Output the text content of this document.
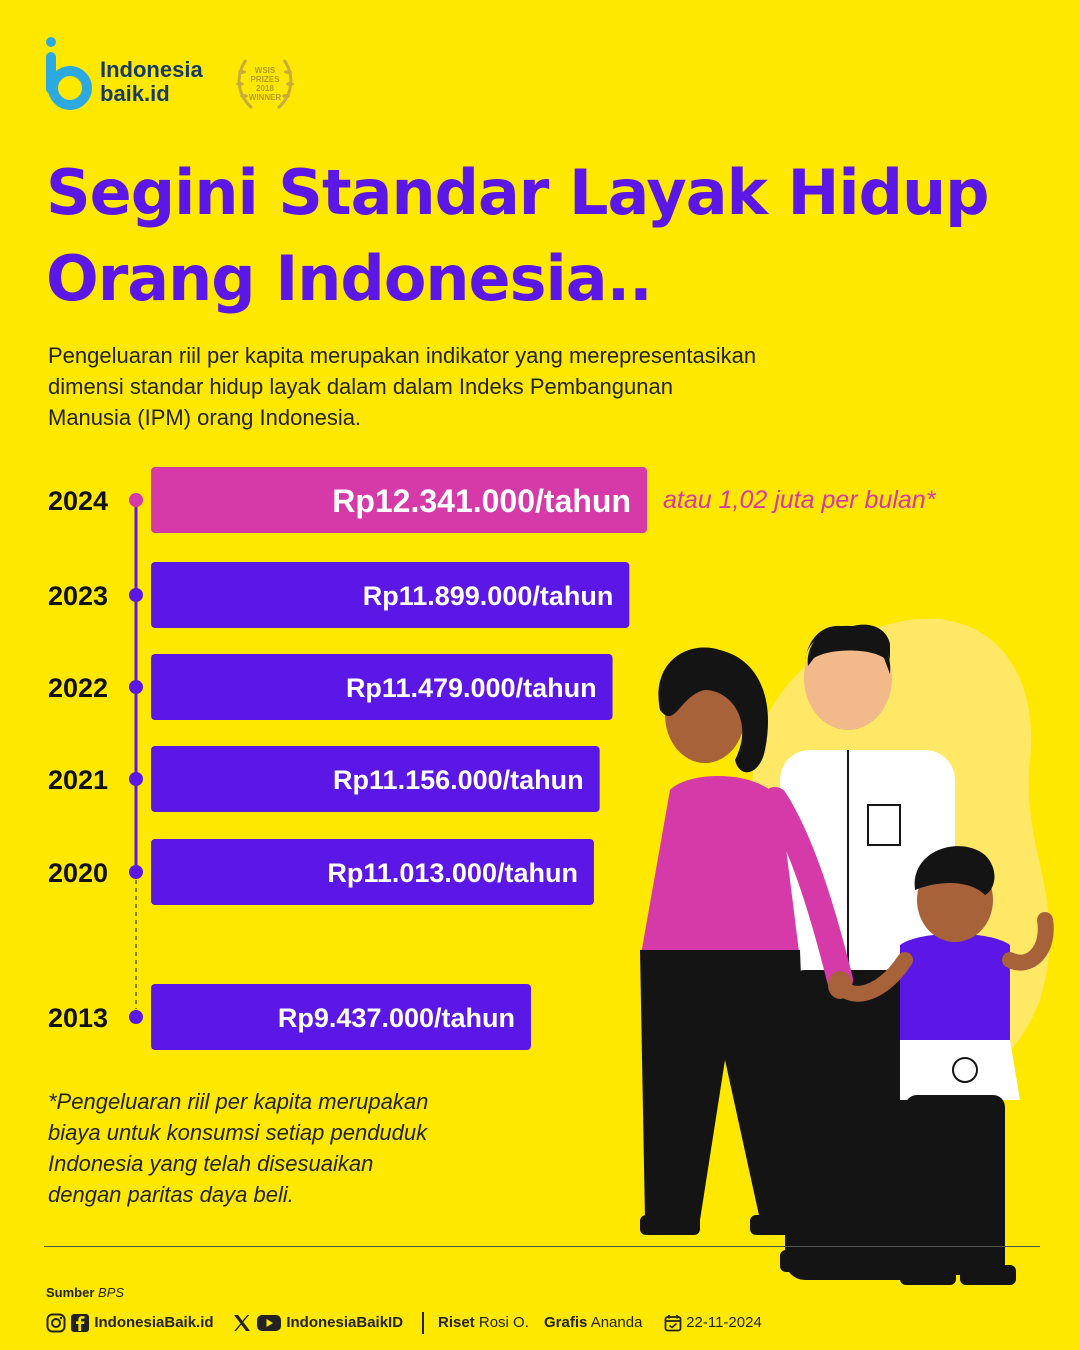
Indonesia
baik.id
WSIS
PRIZES
2018
WINNER
Segini Standar Layak Hidup
Orang Indonesia..
Pengeluaran riil per kapita merupakan indikator yang merepresentasikan
dimensi standar hidup layak dalam dalam Indeks Pembangunan
Manusia (IPM) orang Indonesia.
2024	Rp12.341.000/tahun atau 1,02 juta per bulan*
2023	Rp11.899.000/tahun
2022	Rp11.479.000/tahun
2021	Rp11.156.000/tahun
2020	Rp11.013.000/tahun
2013	Rp9.437.000/tahun
*Pengeluaran riil per kapita merupakan
biaya untuk konsumsi setiap penduduk
Indonesia yang telah disesuaikan
dengan paritas daya beli.
Sumber BPS
IndonesiaBaik.id	IndonesiaBaikID Riset Rosi O. Grafis Ananda	22-11-2024
